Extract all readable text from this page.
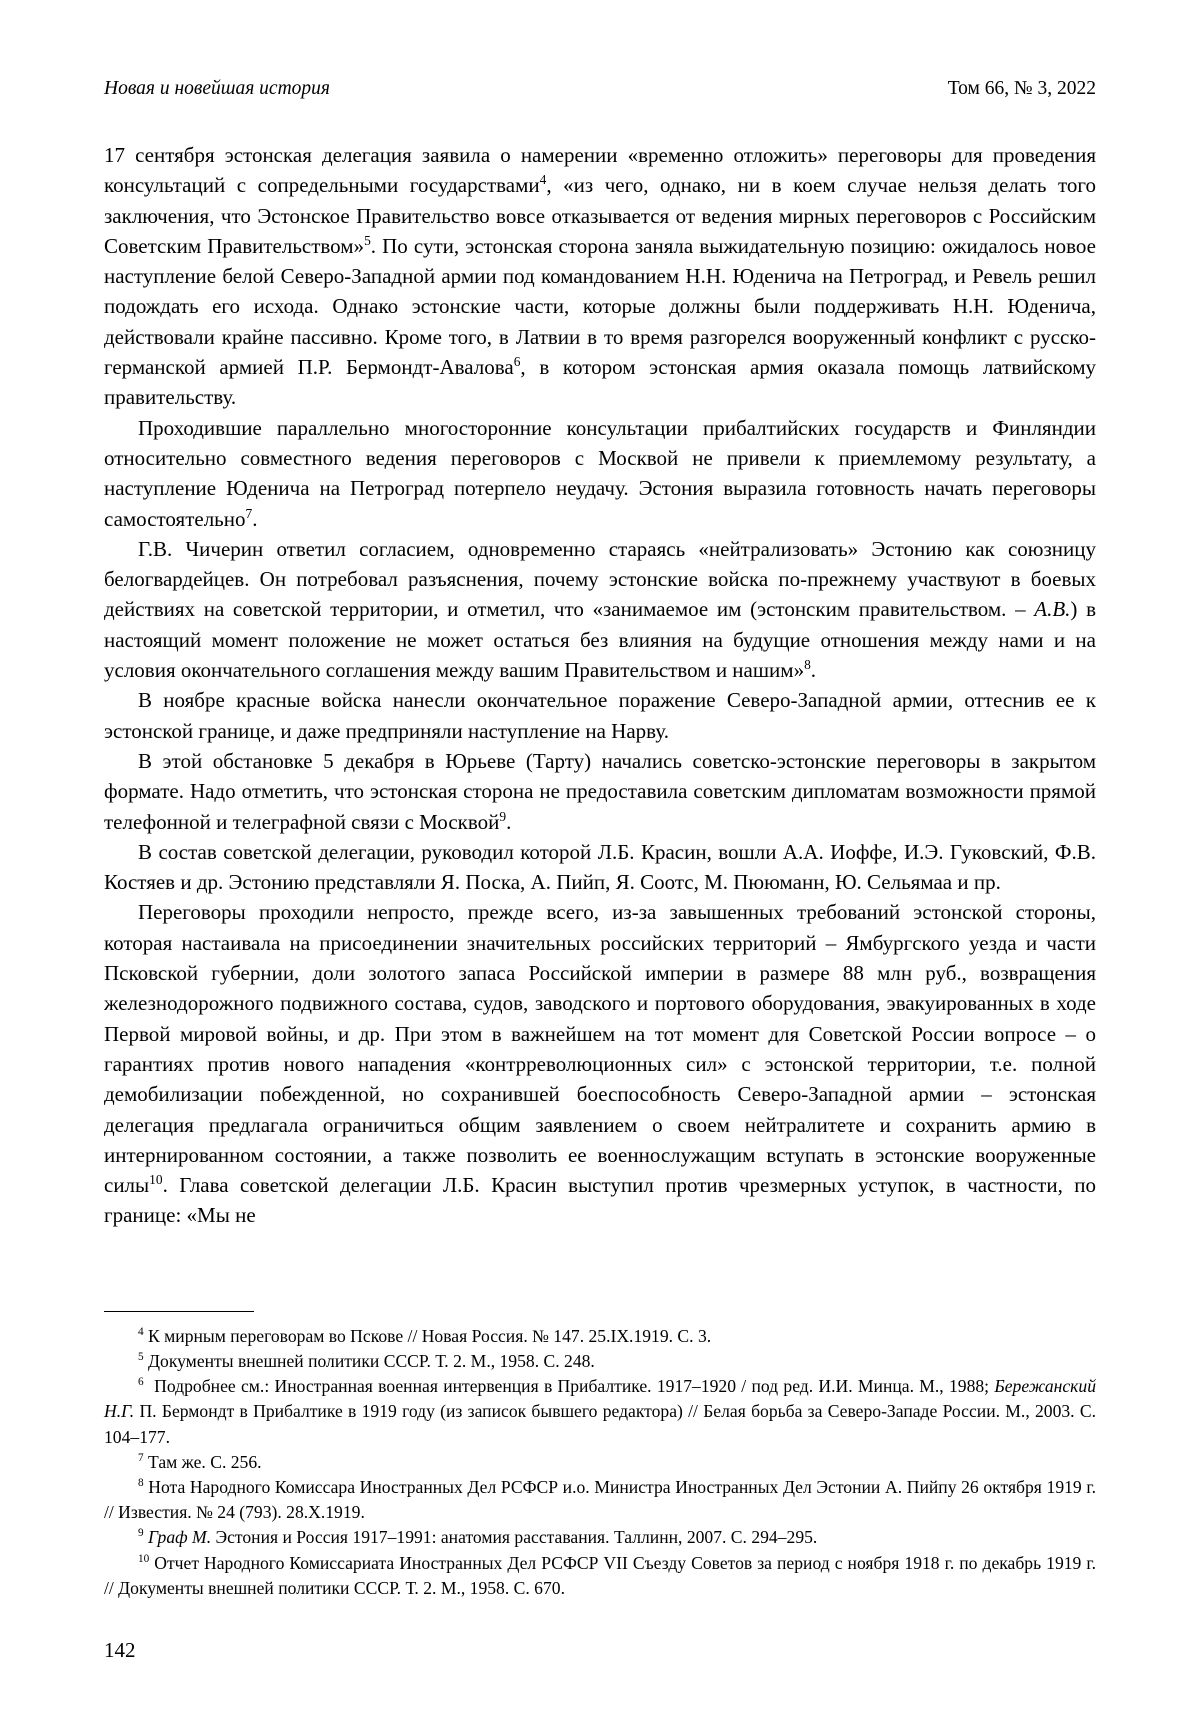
Новая и новейшая история	Том 66, № 3, 2022

17 сентября эстонская делегация заявила о намерении «временно отложить» переговоры для проведения консультаций с сопредельными государствами$^4$, «из чего, однако, ни в коем случае нельзя делать того заключения, что Эстонское Правительство вовсе отказывается от ведения мирных переговоров с Российским Советским Правительством»$^5$. По сути, эстонская сторона заняла выжидательную позицию: ожидалось новое наступление белой Северо-Западной армии под командованием Н.Н. Юденича на Петроград, и Ревель решил подождать его исхода. Однако эстонские части, которые должны были поддерживать Н.Н. Юденича, действовали крайне пассивно. Кроме того, в Латвии в то время разгорелся вооруженный конфликт с русско-германской армией П.Р. Бермондт-Авалова$^6$, в котором эстонская армия оказала помощь латвийскому правительству.

Проходившие параллельно многосторонние консультации прибалтийских государств и Финляндии относительно совместного ведения переговоров с Москвой не привели к приемлемому результату, а наступление Юденича на Петроград потерпело неудачу. Эстония выразила готовность начать переговоры самостоятельно$^7$.

Г.В. Чичерин ответил согласием, одновременно стараясь «нейтрализовать» Эстонию как союзницу белогвардейцев. Он потребовал разъяснения, почему эстонские войска по-прежнему участвуют в боевых действиях на советской территории, и отметил, что «занимаемое им (эстонским правительством. – А.В.) в настоящий момент положение не может остаться без влияния на будущие отношения между нами и на условия окончательного соглашения между вашим Правительством и нашим»$^8$.

В ноябре красные войска нанесли окончательное поражение Северо-Западной армии, оттеснив ее к эстонской границе, и даже предприняли наступление на Нарву.

В этой обстановке 5 декабря в Юрьеве (Тарту) начались советско-эстонские переговоры в закрытом формате. Надо отметить, что эстонская сторона не предоставила советским дипломатам возможности прямой телефонной и телеграфной связи с Москвой$^9$.

В состав советской делегации, руководил которой Л.Б. Красин, вошли А.А. Иоффе, И.Э. Гуковский, Ф.В. Костяев и др. Эстонию представляли Я. Поска, А. Пийп, Я. Соотс, М. Пююманн, Ю. Сельямаа и пр.

Переговоры проходили непросто, прежде всего, из-за завышенных требований эстонской стороны, которая настаивала на присоединении значительных российских территорий – Ямбургского уезда и части Псковской губернии, доли золотого запаса Российской империи в размере 88 млн руб., возвращения железнодорожного подвижного состава, судов, заводского и портового оборудования, эвакуированных в ходе Первой мировой войны, и др. При этом в важнейшем на тот момент для Советской России вопросе – о гарантиях против нового нападения «контрреволюционных сил» с эстонской территории, т.е. полной демобилизации побежденной, но сохранившей боеспособность Северо-Западной армии – эстонская делегация предлагала ограничиться общим заявлением о своем нейтралитете и сохранить армию в интернированном состоянии, а также позволить ее военнослужащим вступать в эстонские вооруженные силы$^{10}$. Глава советской делегации Л.Б. Красин выступил против чрезмерных уступок, в частности, по границе: «Мы не

$^4$ К мирным переговорам во Пскове // Новая Россия. № 147. 25.IX.1919. С. 3.

$^5$ Документы внешней политики СССР. Т. 2. М., 1958. С. 248.

$^6$  Подробнее см.: Иностранная военная интервенция в Прибалтике. 1917–1920 / под ред. И.И. Минца. М., 1988; Бережанский Н.Г. П. Бермондт в Прибалтике в 1919 году (из записок бывшего редактора) // Белая борьба за Северо-Западе России. М., 2003. С. 104–177.

$^7$ Там же. С. 256.

$^8$ Нота Народного Комиссара Иностранных Дел РСФСР и.о. Министра Иностранных Дел Эстонии А. Пийпу 26 октября 1919 г. // Известия. № 24 (793). 28.X.1919.

$^9$ Граф М. Эстония и Россия 1917–1991: анатомия расставания. Таллинн, 2007. С. 294–295.

$^{10}$ Отчет Народного Комиссариата Иностранных Дел РСФСР VII Съезду Советов за период с ноября 1918 г. по декабрь 1919 г. // Документы внешней политики СССР. Т. 2. М., 1958. С. 670.

142
